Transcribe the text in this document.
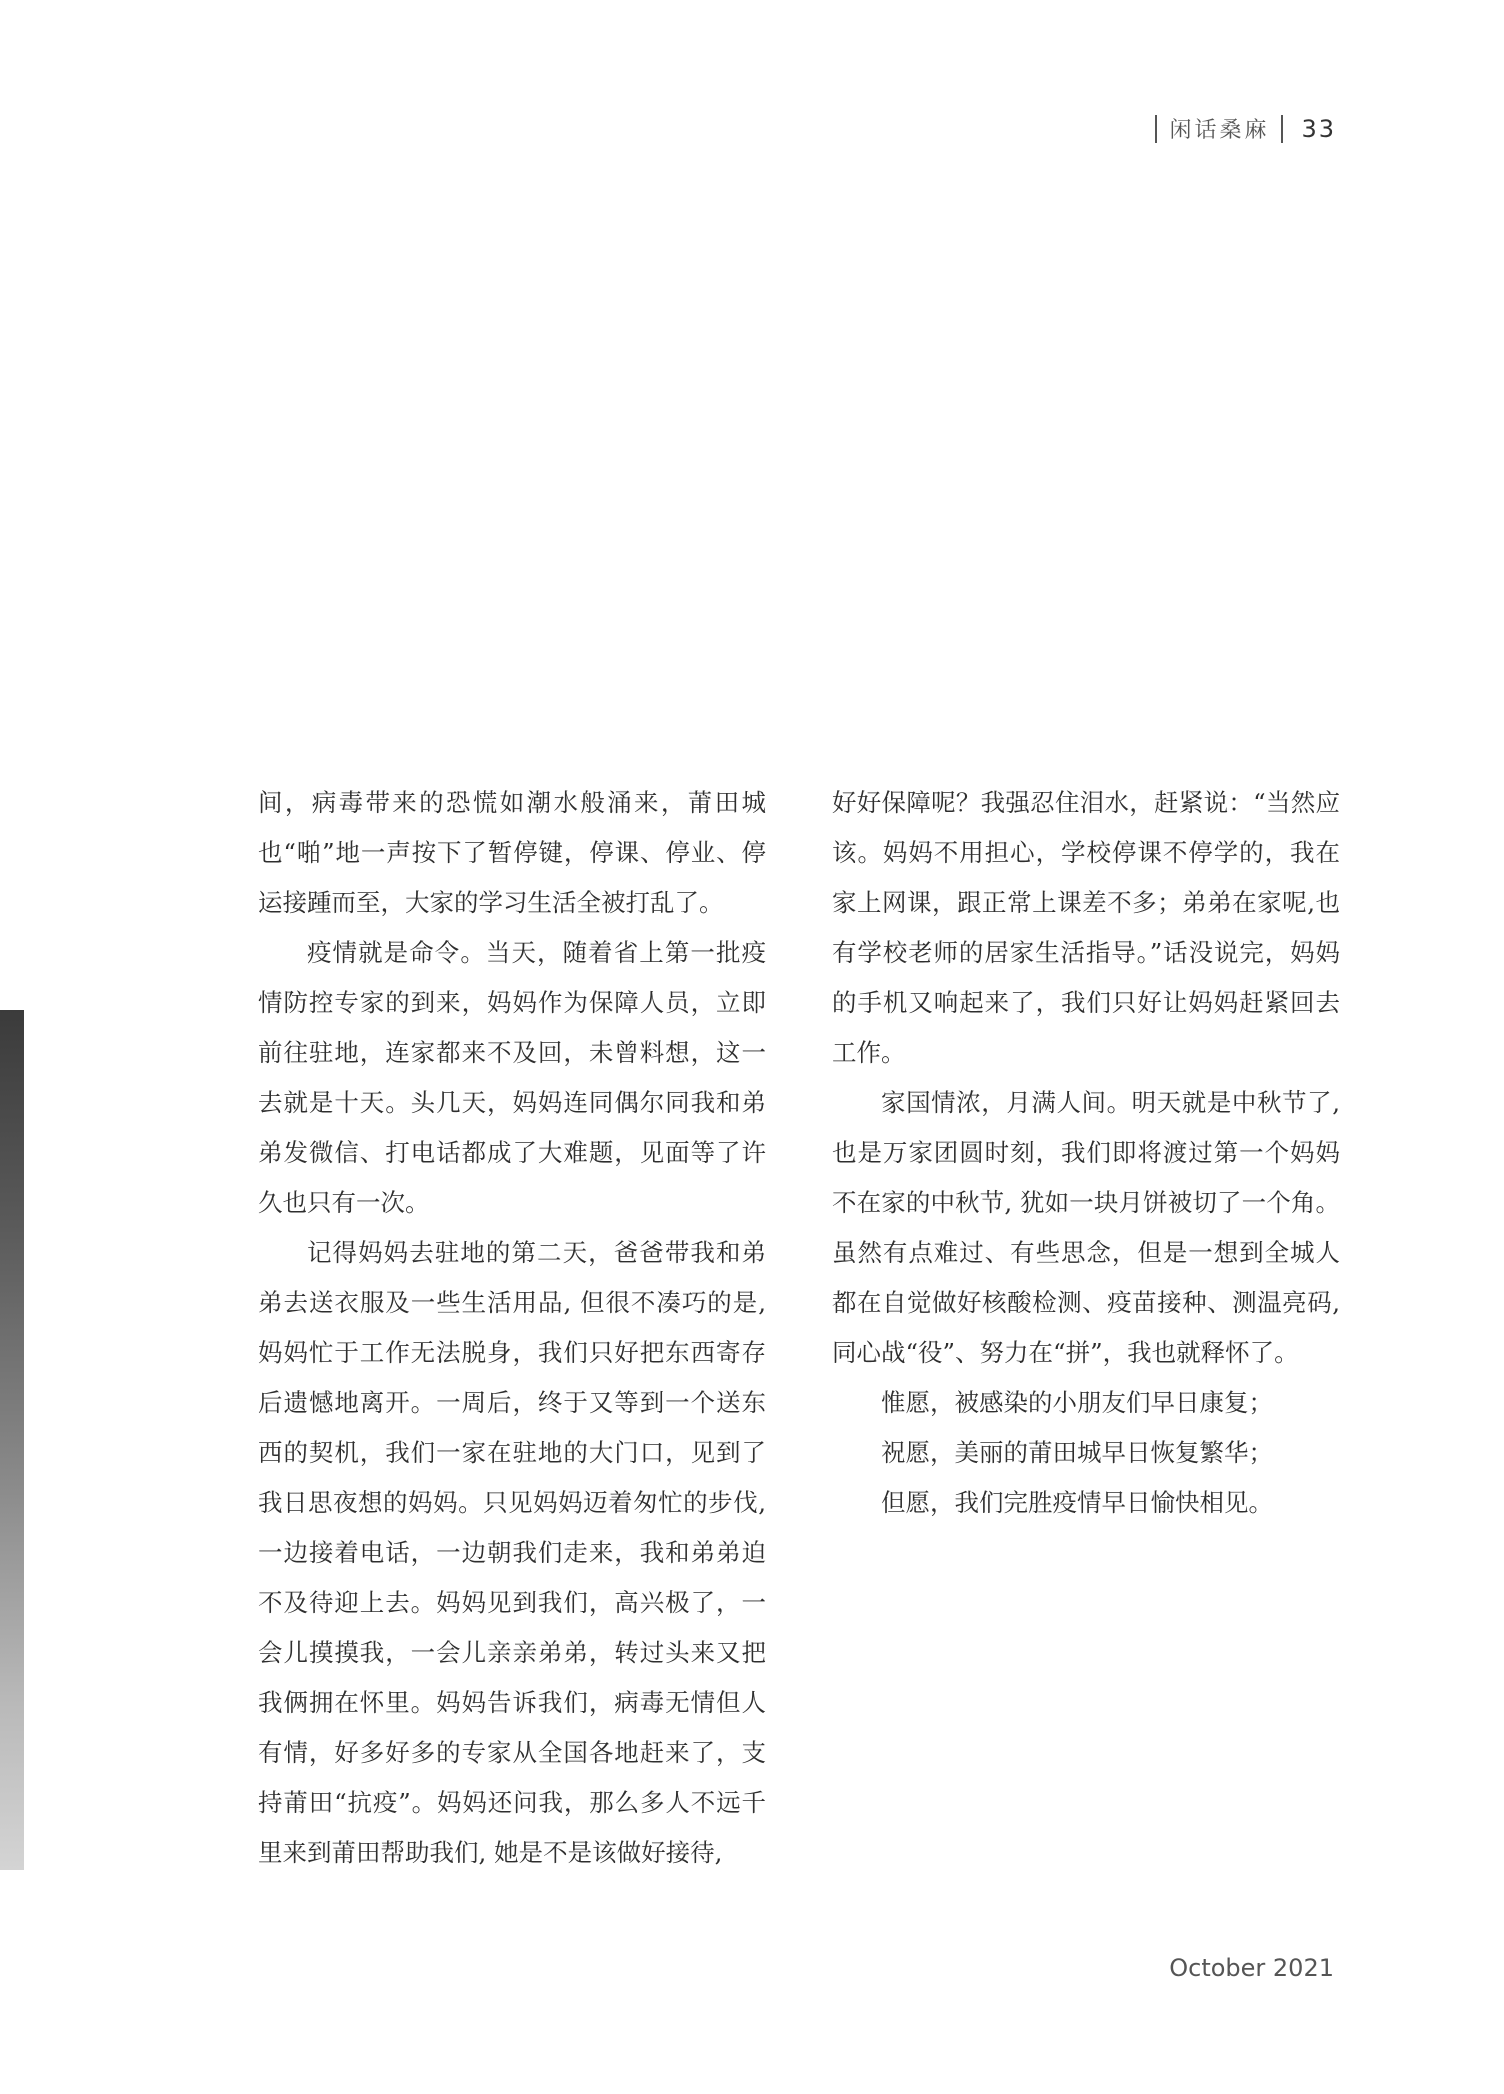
闲话桑麻 33

间，病毒带来的恐慌如潮水般涌来，莆田城也“啪”地一声按下了暂停键，停课、停业、停运接踵而至，大家的学习生活全被打乱了。

疫情就是命令。当天，随着省上第一批疫情防控专家的到来，妈妈作为保障人员，立即前往驻地，连家都来不及回，未曾料想，这一去就是十天。头几天，妈妈连同偶尔同我和弟弟发微信、打电话都成了大难题，见面等了许久也只有一次。

记得妈妈去驻地的第二天，爸爸带我和弟弟去送衣服及一些生活用品, 但很不凑巧的是,妈妈忙于工作无法脱身，我们只好把东西寄存后遗憾地离开。一周后，终于又等到一个送东西的契机，我们一家在驻地的大门口，见到了我日思夜想的妈妈。只见妈妈迈着匆忙的步伐,一边接着电话，一边朝我们走来，我和弟弟迫不及待迎上去。妈妈见到我们，高兴极了，一会儿摸摸我，一会儿亲亲弟弟，转过头来又把我俩拥在怀里。妈妈告诉我们，病毒无情但人有情，好多好多的专家从全国各地赶来了，支持莆田“抗疫”。妈妈还问我，那么多人不远千里来到莆田帮助我们, 她是不是该做好接待,

好好保障呢？我强忍住泪水，赶紧说：“当然应该。妈妈不用担心，学校停课不停学的，我在家上网课，跟正常上课差不多；弟弟在家呢,也有学校老师的居家生活指导。”话没说完，妈妈的手机又响起来了，我们只好让妈妈赶紧回去工作。

家国情浓，月满人间。明天就是中秋节了,也是万家团圆时刻，我们即将渡过第一个妈妈不在家的中秋节, 犹如一块月饼被切了一个角。虽然有点难过、有些思念，但是一想到全城人都在自觉做好核酸检测、疫苗接种、测温亮码,同心战“役”、努力在“拼”，我也就释怀了。

惟愿，被感染的小朋友们早日康复；

祝愿，美丽的莆田城早日恢复繁华；

但愿，我们完胜疫情早日愉快相见。

October 2021
